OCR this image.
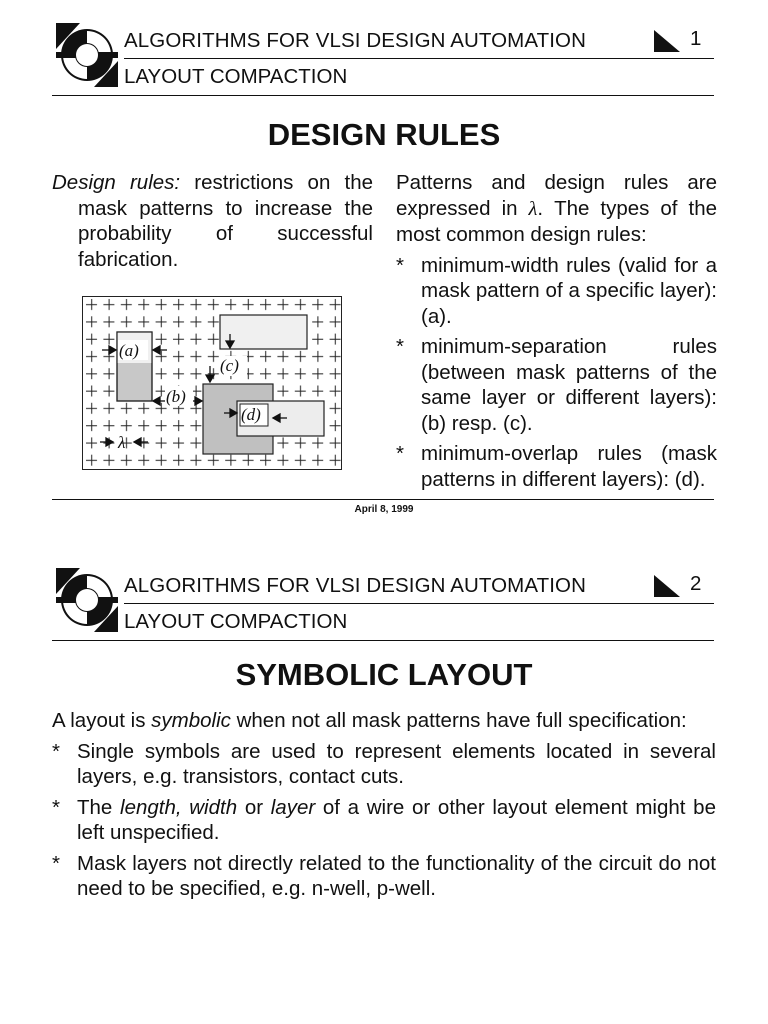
ALGORITHMS FOR VLSI DESIGN AUTOMATION
LAYOUT COMPACTION
1
DESIGN RULES

Design rules: restrictions on the mask patterns to increase the probability of successful fabrication.

Patterns and design rules are expressed in λ. The types of the most common design rules:

* minimum-width rules (valid for a mask pattern of a specific layer): (a).

* minimum-separation rules (between mask patterns of the same layer or different layers): (b) resp. (c).

* minimum-overlap rules (mask patterns in different layers): (d).

(a)
(b)
(c)
(d)
λ
April 8, 1999
ALGORITHMS FOR VLSI DESIGN AUTOMATION
LAYOUT COMPACTION
2
SYMBOLIC LAYOUT

A layout is symbolic when not all mask patterns have full specification:

* Single symbols are used to represent elements located in several layers, e.g. transistors, contact cuts.

* The length, width or layer of a wire or other layout element might be left unspecified.

* Mask layers not directly related to the functionality of the circuit do not need to be specified, e.g. n-well, p-well.
